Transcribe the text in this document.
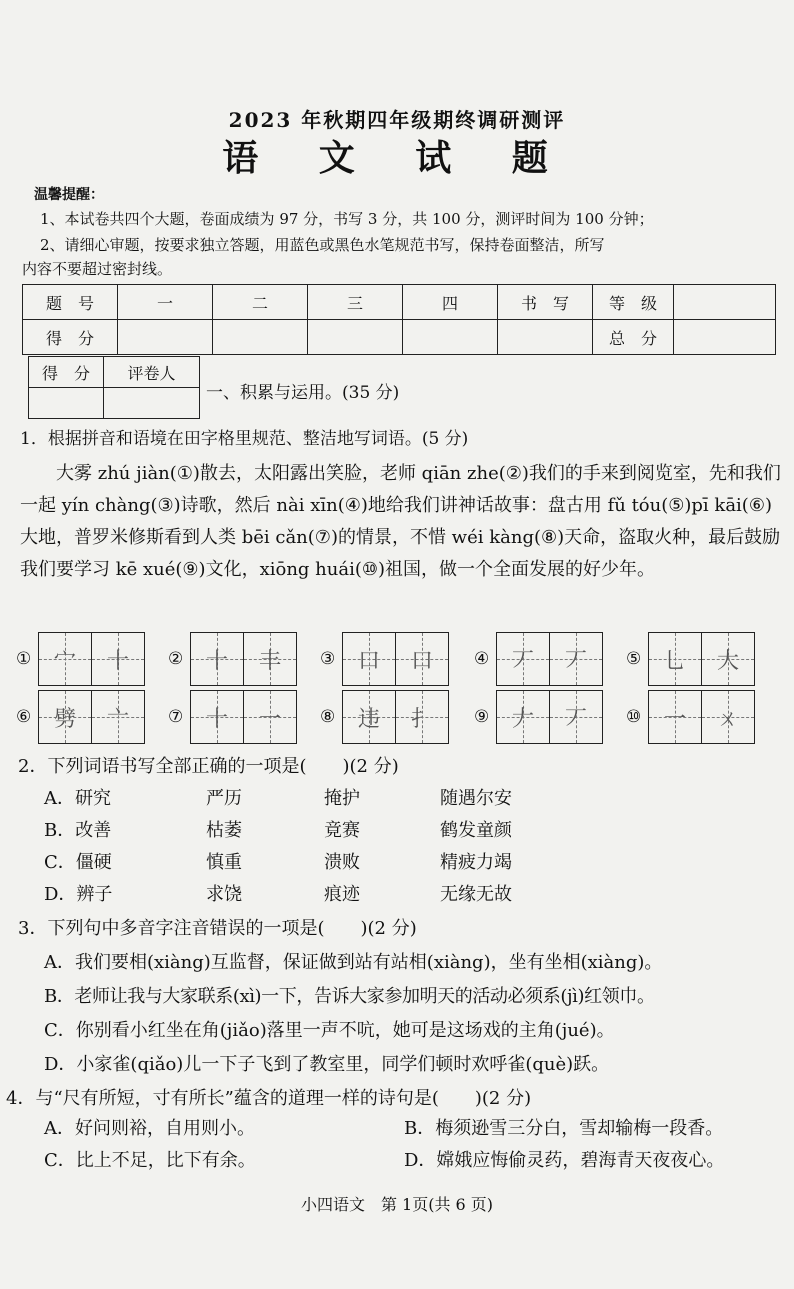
2023 年秋期四年级期终调研测评
语 文 试 题
温馨提醒：
1、本试卷共四个大题，卷面成绩为 97 分，书写 3 分，共 100 分，测评时间为 100 分钟；
2、请细心审题，按要求独立答题，用蓝色或黑色水笔规范书写，保持卷面整洁，所写
内容不要超过密封线。
题　号	一	二	三	四	书　写	等　级	
得　分						总　分	
得　分	评卷人

一、积累与运用。(35 分)
1．根据拼音和语境在田字格里规范、整洁地写词语。(5 分)
大雾 zhú jiàn(①)散去，太阳露出笑脸，老师 qiān zhe(②)我们的手来到阅览室，先和我们一起 yín chàng(③)诗歌，然后 nài xīn(④)地给我们讲神话故事：盘古用 fǔ tóu(⑤)pī kāi(⑥)大地，普罗米修斯看到人类 bēi cǎn(⑦)的情景，不惜 wéi kàng(⑧)天命，盗取火种，最后鼓励我们要学习 kē xué(⑨)文化，xiōng huái(⑩)祖国，做一个全面发展的好少年。
①	宀	十	②	十	丰	③	口	口	④	丆	丆	⑤	乚	大
⑥	劈	亠	⑦	十	一	⑧	违	扌	⑨	𠂇	丆	⑩	一	ㄨ
2．下列词语书写全部正确的一项是(　　)(2 分)
A．研究	严历	掩护	随遇尔安
B．改善	枯萎	竟赛	鹤发童颜
C．僵硬	慎重	溃败	精疲力竭
D．辨子	求饶	痕迹	无缘无故
3．下列句中多音字注音错误的一项是(　　)(2 分)
A．我们要相(xiàng)互监督，保证做到站有站相(xiàng)，坐有坐相(xiàng)。
B．老师让我与大家联系(xì)一下，告诉大家参加明天的活动必须系(jì)红领巾。
C．你别看小红坐在角(jiǎo)落里一声不吭，她可是这场戏的主角(jué)。
D．小家雀(qiǎo)儿一下子飞到了教室里，同学们顿时欢呼雀(què)跃。
4．与“尺有所短，寸有所长”蕴含的道理一样的诗句是(　　)(2 分)
A．好问则裕，自用则小。	B．梅须逊雪三分白，雪却输梅一段香。
C．比上不足，比下有余。	D．嫦娥应悔偷灵药，碧海青天夜夜心。
小四语文　第 1页(共 6 页)
